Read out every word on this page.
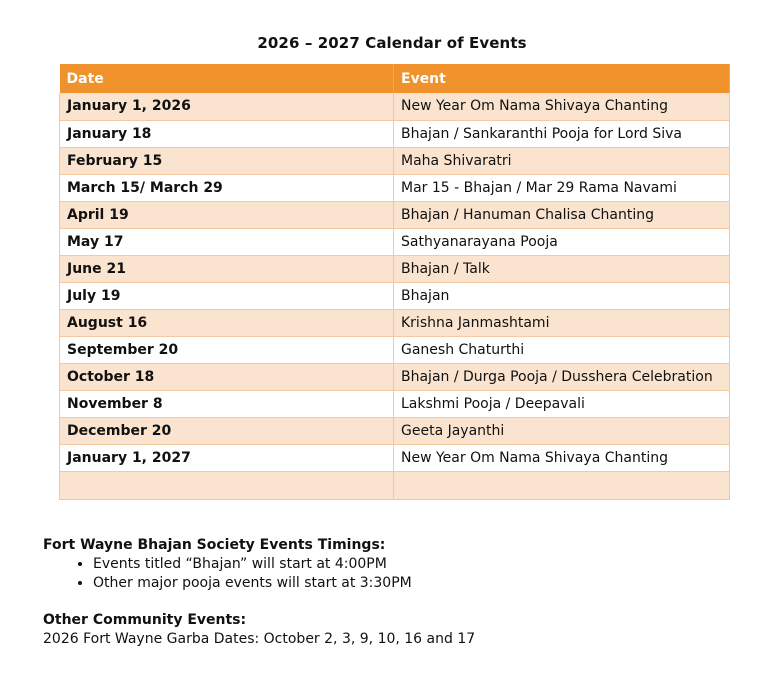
2026 – 2027 Calendar of Events
Date	Event
January 1, 2026	New Year Om Nama Shivaya Chanting
January 18	Bhajan / Sankaranthi Pooja for Lord Siva
February 15	Maha Shivaratri
March 15/ March 29	Mar 15 - Bhajan / Mar 29 Rama Navami
April 19	Bhajan / Hanuman Chalisa Chanting
May 17	Sathyanarayana Pooja
June 21	Bhajan / Talk
July 19	Bhajan
August 16	Krishna Janmashtami
September 20	Ganesh Chaturthi
October 18	Bhajan / Durga Pooja / Dusshera Celebration
November 8	Lakshmi Pooja / Deepavali
December 20	Geeta Jayanthi
January 1, 2027	New Year Om Nama Shivaya Chanting

Fort Wayne Bhajan Society Events Timings:
• Events titled “Bhajan” will start at 4:00PM
• Other major pooja events will start at 3:30PM
Other Community Events:
2026 Fort Wayne Garba Dates: October 2, 3, 9, 10, 16 and 17
